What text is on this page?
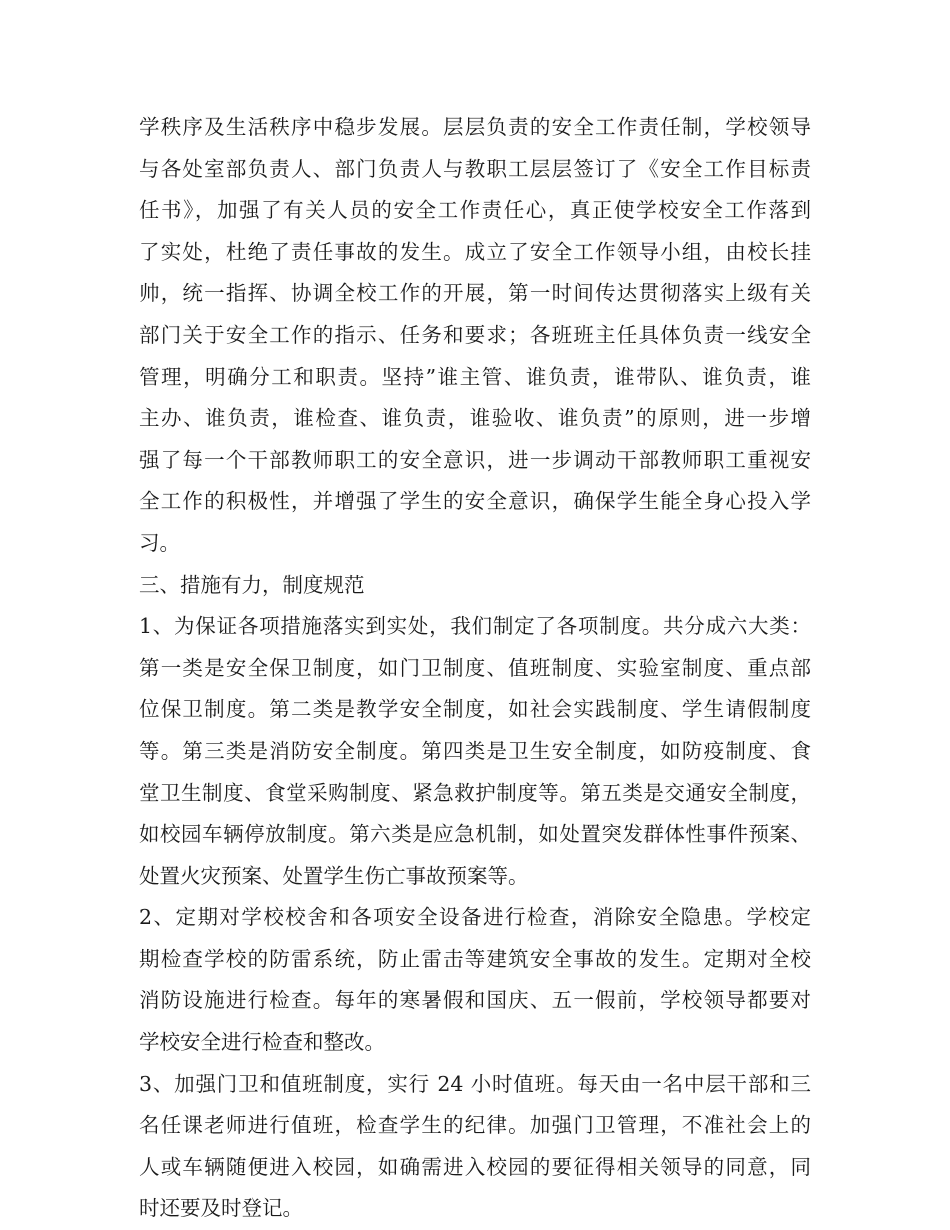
学秩序及生活秩序中稳步发展。层层负责的安全工作责任制，学校领导
与各处室部负责人、部门负责人与教职工层层签订了《安全工作目标责
任书》，加强了有关人员的安全工作责任心，真正使学校安全工作落到
了实处，杜绝了责任事故的发生。成立了安全工作领导小组，由校长挂
帅，统一指挥、协调全校工作的开展，第一时间传达贯彻落实上级有关
部门关于安全工作的指示、任务和要求；各班班主任具体负责一线安全
管理，明确分工和职责。坚持”谁主管、谁负责，谁带队、谁负责，谁
主办、谁负责，谁检查、谁负责，谁验收、谁负责”的原则，进一步增
强了每一个干部教师职工的安全意识，进一步调动干部教师职工重视安
全工作的积极性，并增强了学生的安全意识，确保学生能全身心投入学
习。
三、措施有力，制度规范
1、为保证各项措施落实到实处，我们制定了各项制度。共分成六大类：
第一类是安全保卫制度，如门卫制度、值班制度、实验室制度、重点部
位保卫制度。第二类是教学安全制度，如社会实践制度、学生请假制度
等。第三类是消防安全制度。第四类是卫生安全制度，如防疫制度、食
堂卫生制度、食堂采购制度、紧急救护制度等。第五类是交通安全制度，
如校园车辆停放制度。第六类是应急机制，如处置突发群体性事件预案、
处置火灾预案、处置学生伤亡事故预案等。
2、定期对学校校舍和各项安全设备进行检查，消除安全隐患。学校定
期检查学校的防雷系统，防止雷击等建筑安全事故的发生。定期对全校
消防设施进行检查。每年的寒暑假和国庆、五一假前，学校领导都要对
学校安全进行检查和整改。
3、加强门卫和值班制度，实行 24 小时值班。每天由一名中层干部和三
名任课老师进行值班，检查学生的纪律。加强门卫管理，不准社会上的
人或车辆随便进入校园，如确需进入校园的要征得相关领导的同意，同
时还要及时登记。
